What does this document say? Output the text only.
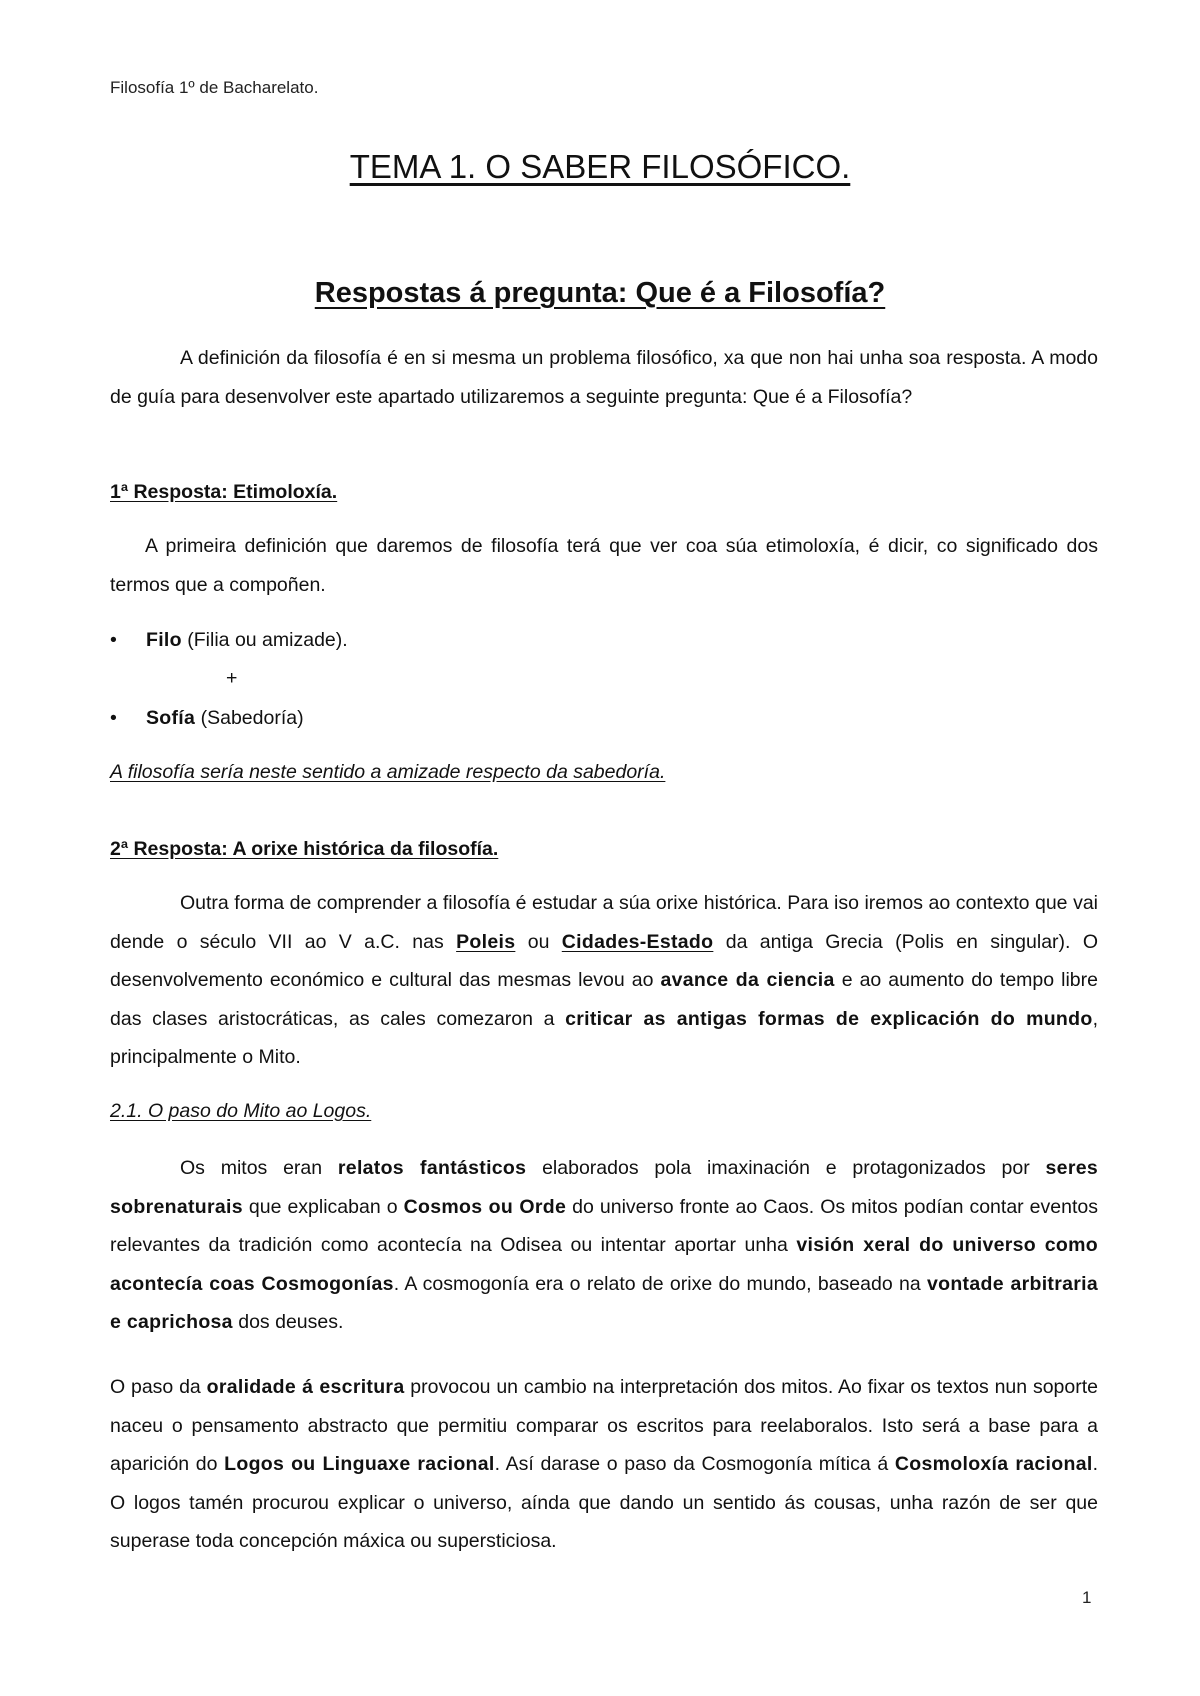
Filosofía 1º de Bacharelato.
TEMA 1. O SABER FILOSÓFICO.
Respostas á pregunta: Que é a Filosofía?
A definición da filosofía é en si mesma un problema filosófico, xa que non hai unha soa resposta. A modo de guía para desenvolver este apartado utilizaremos a seguinte pregunta: Que é a Filosofía?
1ª Resposta: Etimoloxía.
A primeira definición que daremos de filosofía terá que ver coa súa etimoloxía, é dicir, co significado dos termos que a compoñen.
• Filo (Filia ou amizade).
+
• Sofía (Sabedoría)
A filosofía sería neste sentido a amizade respecto da sabedoría.
2ª Resposta: A orixe histórica da filosofía.
Outra forma de comprender a filosofía é estudar a súa orixe histórica. Para iso iremos ao contexto que vai dende o século VII ao V a.C. nas Poleis ou Cidades-Estado da antiga Grecia (Polis en singular). O desenvolvemento económico e cultural das mesmas levou ao avance da ciencia e ao aumento do tempo libre das clases aristocráticas, as cales comezaron a criticar as antigas formas de explicación do mundo, principalmente o Mito.
2.1. O paso do Mito ao Logos.
Os mitos eran relatos fantásticos elaborados pola imaxinación e protagonizados por seres sobrenaturais que explicaban o Cosmos ou Orde do universo fronte ao Caos. Os mitos podían contar eventos relevantes da tradición como acontecía na Odisea ou intentar aportar unha visión xeral do universo como acontecía coas Cosmogonías. A cosmogonía era o relato de orixe do mundo, baseado na vontade arbitraria e caprichosa dos deuses.
O paso da oralidade á escritura provocou un cambio na interpretación dos mitos. Ao fixar os textos nun soporte naceu o pensamento abstracto que permitiu comparar os escritos para reelaboralos. Isto será a base para a aparición do Logos ou Linguaxe racional. Así darase o paso da Cosmogonía mítica á Cosmoloxía racional. O logos tamén procurou explicar o universo, aínda que dando un sentido ás cousas, unha razón de ser que superase toda concepción máxica ou supersticiosa.
1
